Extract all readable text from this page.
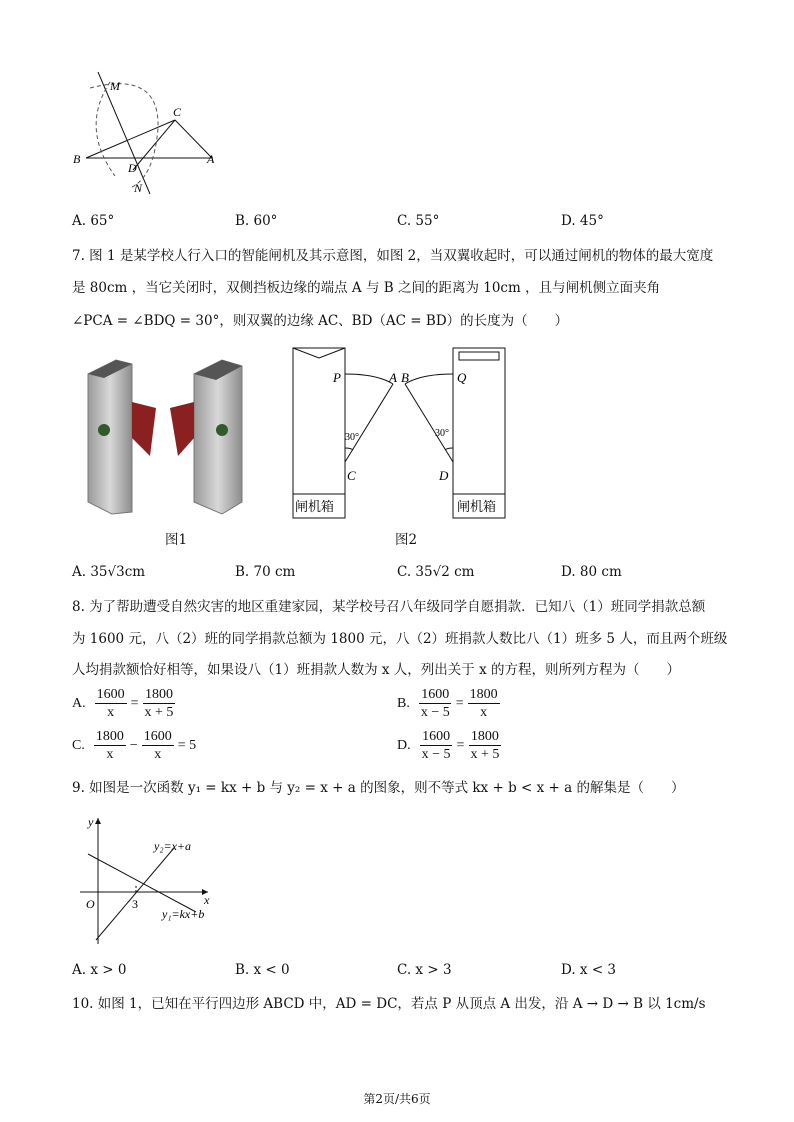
M
C
B
D
A
N
A. 65°	B. 60°	C. 55°	D. 45°
7. 图 1 是某学校人行入口的智能闸机及其示意图，如图 2，当双翼收起时，可以通过闸机的物体的最大宽度
是 80cm ，当它关闭时，双侧挡板边缘的端点 A 与 B 之间的距离为 10cm ，且与闸机侧立面夹角
∠PCA = ∠BDQ = 30°，则双翼的边缘 AC、BD（AC = BD）的长度为（　　）
图1
P	A B	Q
30°	30°
C	D
闸机箱	闸机箱
图2
A. 35√3cm	B. 70 cm	C. 35√2 cm	D. 80 cm
8. 为了帮助遭受自然灾害的地区重建家园，某学校号召八年级同学自愿捐款．已知八（1）班同学捐款总额
为 1600 元，八（2）班的同学捐款总额为 1800 元，八（2）班捐款人数比八（1）班多 5 人，而且两个班级
人均捐款额恰好相等，如果设八（1）班捐款人数为 x 人，列出关于 x 的方程，则所列方程为（　　）
A. $\frac{1600}{x} = \frac{1800}{x + 5}$	B. $\frac{1600}{x - 5} = \frac{1800}{x}$
C. $\frac{1800}{x} - \frac{1600}{x} = 5$	D. $\frac{1600}{x - 5} = \frac{1800}{x + 5}$
9. 如图是一次函数 y₁ = kx + b 与 y₂ = x + a 的图象，则不等式 kx + b < x + a 的解集是（　　）
y
x
O	3
y₂=x+a
y₁=kx+b
A. x > 0	B. x < 0	C. x > 3	D. x < 3
10. 如图 1，已知在平行四边形 ABCD 中，AD = DC，若点 P 从顶点 A 出发，沿 A → D → B 以 1cm/s
第2页/共6页
